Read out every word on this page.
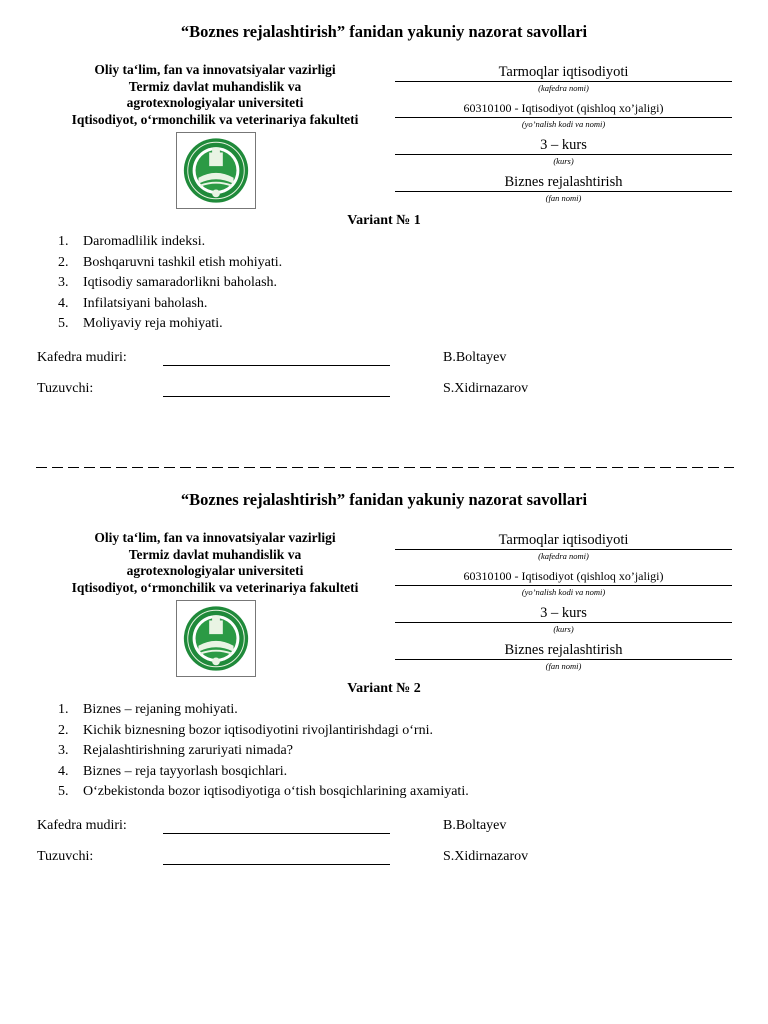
“Boznes rejalashtirish” fanidan yakuniy nazorat savollari
Oliy ta‘lim, fan va innovatsiyalar vazirligi
Termiz davlat muhandislik va
agrotexnologiyalar universiteti
Iqtisodiyot, o‘rmonchilik va veterinariya fakulteti
Tarmoqlar iqtisodiyoti
(kafedra nomi)
60310100 - Iqtisodiyot (qishloq xo’jaligi)
(yo’nalish kodi va nomi)
3 – kurs
(kurs)
Biznes rejalashtirish
(fan nomi)
Variant № 1
1. Daromadlilik indeksi.
2. Boshqaruvni tashkil etish mohiyati.
3. Iqtisodiy samaradorlikni baholash.
4. Infilatsiyani baholash.
5. Moliyaviy reja mohiyati.
Kafedra mudiri:	B.Boltayev
Tuzuvchi:	S.Xidirnazarov
“Boznes rejalashtirish” fanidan yakuniy nazorat savollari
Oliy ta‘lim, fan va innovatsiyalar vazirligi
Termiz davlat muhandislik va
agrotexnologiyalar universiteti
Iqtisodiyot, o‘rmonchilik va veterinariya fakulteti
Tarmoqlar iqtisodiyoti
(kafedra nomi)
60310100 - Iqtisodiyot (qishloq xo’jaligi)
(yo’nalish kodi va nomi)
3 – kurs
(kurs)
Biznes rejalashtirish
(fan nomi)
Variant № 2
1. Biznes – rejaning mohiyati.
2. Kichik biznesning bozor iqtisodiyotini rivojlantirishdagi o‘rni.
3. Rejalashtirishning zaruriyati nimada?
4. Biznes – reja tayyorlash bosqichlari.
5. O‘zbekistonda bozor iqtisodiyotiga o‘tish bosqichlarining axamiyati.
Kafedra mudiri:	B.Boltayev
Tuzuvchi:	S.Xidirnazarov
